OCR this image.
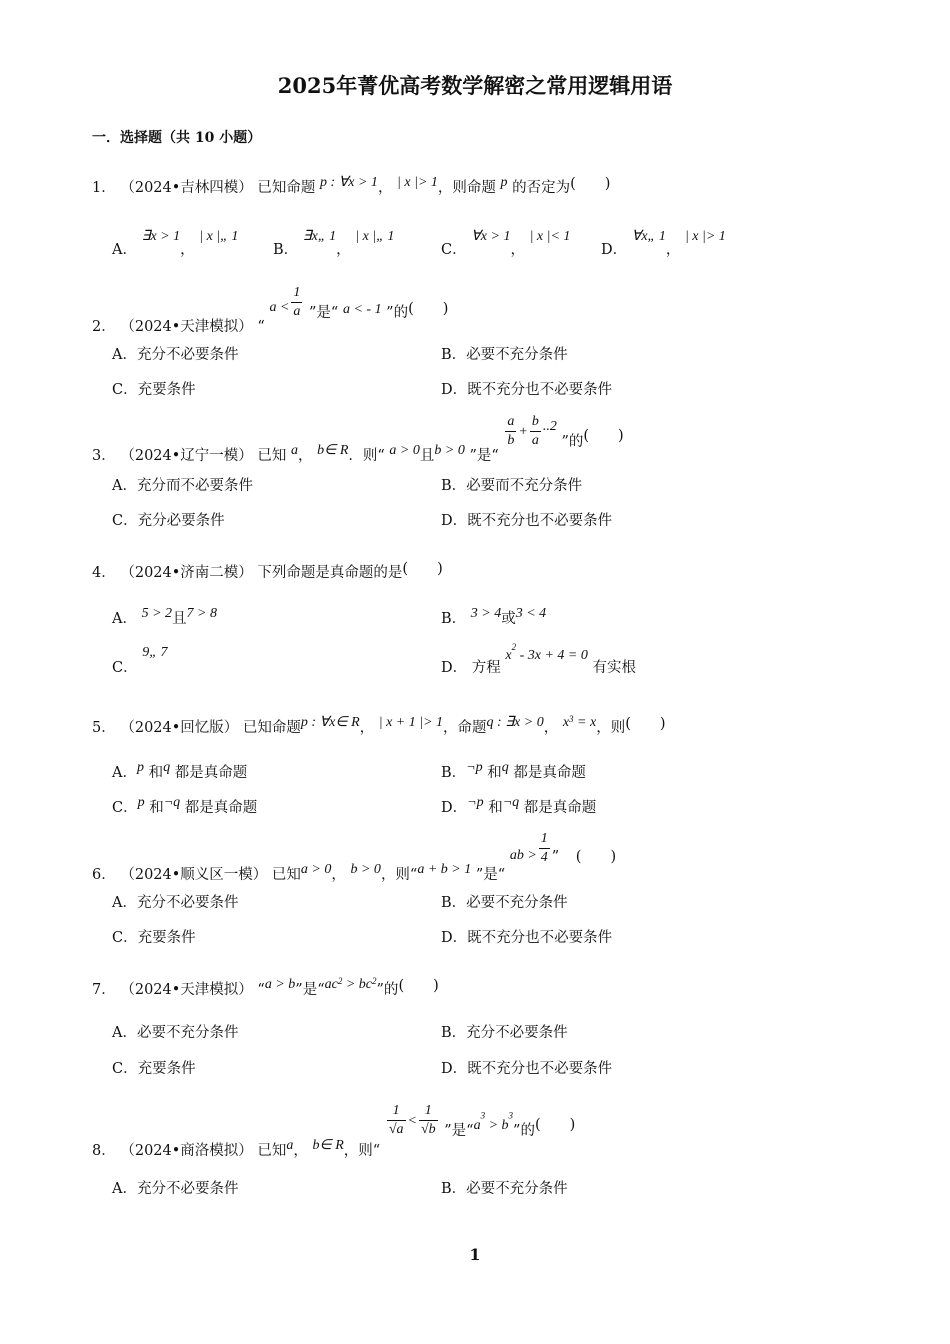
2025年菁优高考数学解密之常用逻辑用语
一．选择题（共 10 小题）
1． （2024•吉林四模） 已知命题 p : ∀x > 1， | x |> 1，则命题 p 的否定为(　　)
A． ∃x > 1， | x |„ 1
B． ∃x„ 1， | x |„ 1
C． ∀x > 1， | x |< 1
D． ∀x„ 1， | x |> 1
2． （2024•天津模拟） “ $a < \frac{1}{a}$ ”是“ a < - 1 ”的(　　)
A．充分不必要条件	B．必要不充分条件
C．充要条件	D．既不充分也不必要条件
3． （2024•辽宁一模） 已知 a， b∈ R．则“ a > 0且b > 0 ”是“
$\frac{a}{b} + \frac{b}{a} ..2$ ”的(　　)
A．充分而不必要条件	B．必要而不充分条件
C．充分必要条件	D．既不充分也不必要条件
4． （2024•济南二模） 下列命题是真命题的是(　　)
A． 5 > 2且7 > 8	B． 3 > 4或3 < 4
C． 9„ 7
D． 方程 $x^2 - 3x + 4 = 0$ 有实根
5． （2024•回忆版） 已知命题p : ∀x∈ R， | x + 1 |> 1，命题q : ∃x > 0， $x^3 = x$，则(　　)
A．p 和q 都是真命题	B．¬p 和q 都是真命题
C．p 和¬q 都是真命题	D．¬p 和¬q 都是真命题
6． （2024•顺义区一模） 已知a > 0， b > 0，则“a + b > 1 ”是“ ab > $\frac{1}{4}$ ” (　　)
A．充分不必要条件	B．必要不充分条件
C．充要条件	D．既不充分也不必要条件
7． （2024•天津模拟） “a > b”是“$ac^2 > bc^2$”的(　　)
A．必要不充分条件	B．充分不必要条件
C．充要条件	D．既不充分也不必要条件
8． （2024•商洛模拟） 已知a， b∈ R，则“
$\frac{1}{√a} < \frac{1}{√b}$ ”是“$a^3 > b^3$”的(　　)
A．充分不必要条件	B．必要不充分条件
1
